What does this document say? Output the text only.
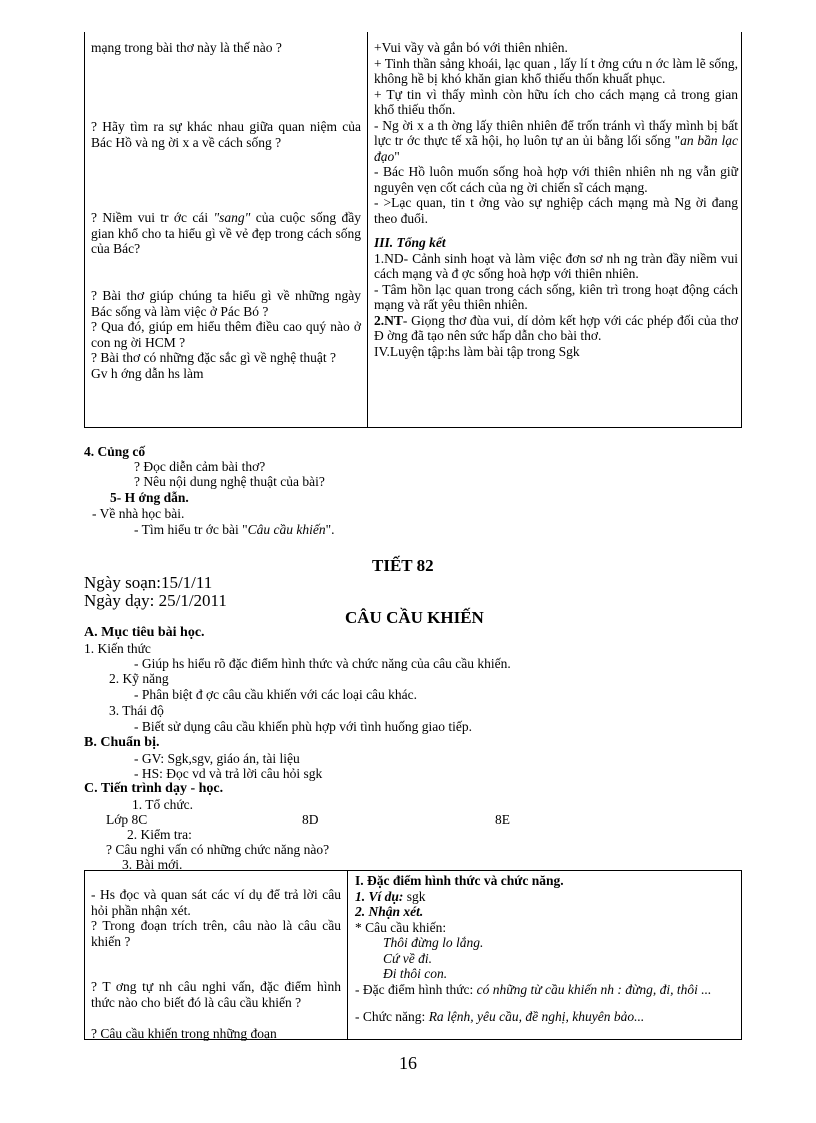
mạng trong bài thơ này là thế nào ?

? Hãy tìm ra sự khác nhau giữa quan niệm của Bác Hồ và ng ời x a về cách sống ?

? Niềm vui tr ớc cái "sang" của cuộc sống đầy gian khổ cho ta hiểu gì về vẻ đẹp trong cách sống của Bác?

? Bài thơ giúp chúng ta hiểu gì về những ngày Bác sống và làm việc ở Pác Bó ?

? Qua đó, giúp em hiểu thêm điều cao quý nào ở con ng ời HCM ?

? Bài thơ có những đặc sắc gì về nghệ thuật ?

Gv h ớng dẫn hs làm

+Vui vầy và gắn bó với thiên nhiên.

+ Tinh thần sảng khoái, lạc quan , lấy lí t ởng cứu n ớc làm lẽ sống, không hề bị khó khăn gian khổ thiếu thốn khuất phục.

+ Tự tin vì thấy mình còn hữu ích cho cách mạng cả trong gian khổ thiếu thốn.

- Ng ời x a th ờng lấy thiên nhiên để trốn tránh vì thấy mình bị bất lực tr ớc thực tế xã hội, họ luôn tự an ủi bằng lối sống "an bần lạc đạo"

- Bác Hồ luôn muốn sống hoà hợp với thiên nhiên nh ng vẫn giữ nguyên vẹn cốt cách của ng ời chiến sĩ cách mạng.

- >Lạc quan, tin t ởng vào sự nghiệp cách mạng mà Ng ời đang theo đuổi.

III. Tổng kết

1.ND- Cảnh sinh hoạt và làm việc đơn sơ nh ng tràn đầy niềm vui cách mạng và đ ợc sống hoà hợp với thiên nhiên.

- Tâm hồn lạc quan trong cách sống, kiên trì trong hoạt động cách mạng và rất yêu thiên nhiên.

2.NT- Giọng thơ đùa vui, dí dỏm kết hợp với các phép đối của thơ Đ ờng đã tạo nên sức hấp dẫn cho bài thơ.

IV.Luyện tập:hs làm bài tập trong Sgk

4. Củng cố
? Đọc diễn cảm bài thơ?
? Nêu nội dung nghệ thuật của bài?
5- H ớng dẫn.
- Về nhà học bài.
- Tìm hiểu tr ớc bài "Câu cầu khiến".
TIẾT 82
Ngày soạn:15/1/11
Ngày dạy: 25/1/2011
CÂU CẦU KHIẾN
A. Mục tiêu bài học.
1. Kiến thức
- Giúp hs hiểu rõ đặc điểm hình thức và chức năng của câu cầu khiến.
2. Kỹ năng
- Phân biệt đ ợc câu cầu khiến với các loại câu khác.
3. Thái độ
- Biết sử dụng câu cầu khiến phù hợp với tình huống giao tiếp.
B. Chuẩn bị.
- GV: Sgk,sgv, giáo án, tài liệu
- HS: Đọc vd và trả lời câu hỏi sgk
C. Tiến trình dạy - học.
1. Tổ chức.
Lớp 8C	8D	8E
2. Kiểm tra:
? Câu nghi vấn có những chức năng nào?
3. Bài mới.

- Hs đọc và quan sát các ví dụ để trả lời câu hỏi phần nhận xét.

? Trong đoạn trích trên, câu nào là câu cầu khiến ?

? T ơng tự nh câu nghi vấn, đặc điểm hình thức nào cho biết đó là câu cầu khiến ?

? Câu cầu khiến trong những đoạn

I. Đặc điểm hình thức và chức năng.

1. Ví dụ: sgk

2. Nhận xét.

* Câu cầu khiến:

Thôi đừng lo lắng.

Cứ về đi.

Đi thôi con.

- Đặc điểm hình thức: có những từ cầu khiến nh : đừng, đi, thôi ...

- Chức năng: Ra lệnh, yêu cầu, đề nghị, khuyên bảo...

16
